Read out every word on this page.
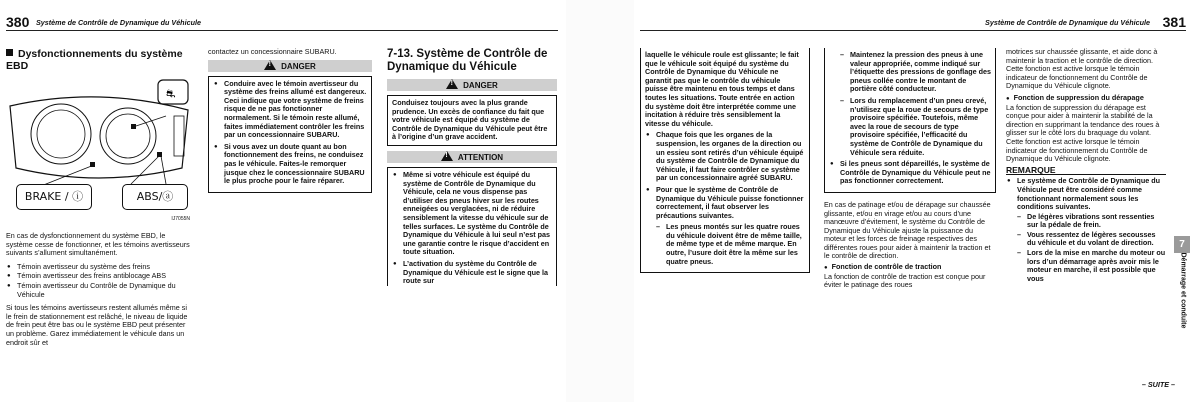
380 Système de Contrôle de Dynamique du Véhicule
Dysfonctionnements du système EBD
⛐
BRAKE / ⓘ	ABS/ⓐ
IJ7055N

En cas de dysfonctionnement du système EBD, le système cesse de fonctionner, et les témoins avertisseurs suivants s’allument simultanément.

● Témoin avertisseur du système des freins
● Témoin avertisseur des freins antiblocage ABS
● Témoin avertisseur du Contrôle de Dynamique du Véhicule

Si tous les témoins avertisseurs restent allumés même si le frein de stationnement est relâché, le niveau de liquide de frein peut être bas ou le système EBD peut présenter un problème. Garez immédiatement le véhicule dans un endroit sûr et

contactez un concessionnaire SUBARU.

! DANGER
● Conduire avec le témoin avertisseur du système des freins allumé est dangereux. Ceci indique que votre système de freins risque de ne pas fonctionner normalement. Si le témoin reste allumé, faites immédiatement contrôler les freins par un concessionnaire SUBARU.
● Si vous avez un doute quant au bon fonctionnement des freins, ne conduisez pas le véhicule. Faites-le remorquer jusque chez le concessionnaire SUBARU le plus proche pour le faire réparer.
7-13. Système de Contrôle de Dynamique du Véhicule
! DANGER
Conduisez toujours avec la plus grande prudence. Un excès de confiance du fait que votre véhicule est équipé du système de Contrôle de Dynamique du Véhicule peut être à l’origine d’un grave accident.
! ATTENTION
● Même si votre véhicule est équipé du système de Contrôle de Dynamique du Véhicule, cela ne vous dispense pas d’utiliser des pneus hiver sur les routes enneigées ou verglacées, ni de réduire sensiblement la vitesse du véhicule sur de telles surfaces. Le système du Contrôle de Dynamique du Véhicule à lui seul n’est pas une garantie contre le risque d’accident en toute situation.
● L’activation du système du Contrôle de Dynamique du Véhicule est le signe que la route sur
381
Système de Contrôle de Dynamique du Véhicule
laquelle le véhicule roule est glissante; le fait que le véhicule soit équipé du système du Contrôle de Dynamique du Véhicule ne garantit pas que le contrôle du véhicule puisse être maintenu en tous temps et dans toutes les situations. Toute entrée en action du système doit être interprétée comme une incitation à réduire très sensiblement la vitesse du véhicule.
● Chaque fois que les organes de la suspension, les organes de la direction ou un essieu sont retirés d’un véhicule équipé du système de Contrôle de Dynamique du Véhicule, il faut faire contrôler ce système par un concessionnaire agréé SUBARU.
● Pour que le système de Contrôle de Dynamique du Véhicule puisse fonctionner correctement, il faut observer les précautions suivantes.
– Les pneus montés sur les quatre roues du véhicule doivent être de même taille, de même type et de même marque. En outre, l’usure doit être la même sur les quatre pneus.
– Maintenez la pression des pneus à une valeur appropriée, comme indiqué sur l’étiquette des pressions de gonflage des pneus collée contre le montant de portière côté conducteur.
– Lors du remplacement d’un pneu crevé, n’utilisez que la roue de secours de type provisoire spécifiée. Toutefois, même avec la roue de secours de type provisoire spécifiée, l’efficacité du système de Contrôle de Dynamique du Véhicule sera réduite.
● Si les pneus sont dépareillés, le système de Contrôle de Dynamique du Véhicule peut ne pas fonctionner correctement.

En cas de patinage et/ou de dérapage sur chaussée glissante, et/ou en virage et/ou au cours d’une manœuvre d’évitement, le système du Contrôle de Dynamique du Véhicule ajuste la puissance du moteur et les forces de freinage respectives des différentes roues pour aider à maintenir la traction et le contrôle de direction.

● Fonction de contrôle de traction

La fonction de contrôle de traction est conçue pour éviter le patinage des roues

motrices sur chaussée glissante, et aide donc à maintenir la traction et le contrôle de direction. Cette fonction est active lorsque le témoin indicateur de fonctionnement du Contrôle de Dynamique du Véhicule clignote.

● Fonction de suppression du dérapage

La fonction de suppression du dérapage est conçue pour aider à maintenir la stabilité de la direction en supprimant la tendance des roues à glisser sur le côté lors du braquage du volant. Cette fonction est active lorsque le témoin indicateur de fonctionnement du Contrôle de Dynamique du Véhicule clignote.

REMARQUE
● Le système de Contrôle de Dynamique du Véhicule peut être considéré comme fonctionnant normalement sous les conditions suivantes.
– De légères vibrations sont ressenties sur la pédale de frein.
– Vous ressentez de légères secousses du véhicule et du volant de direction.
– Lors de la mise en marche du moteur ou lors d’un démarrage après avoir mis le moteur en marche, il est possible que vous
7
Démarrage et conduite
– SUITE –
